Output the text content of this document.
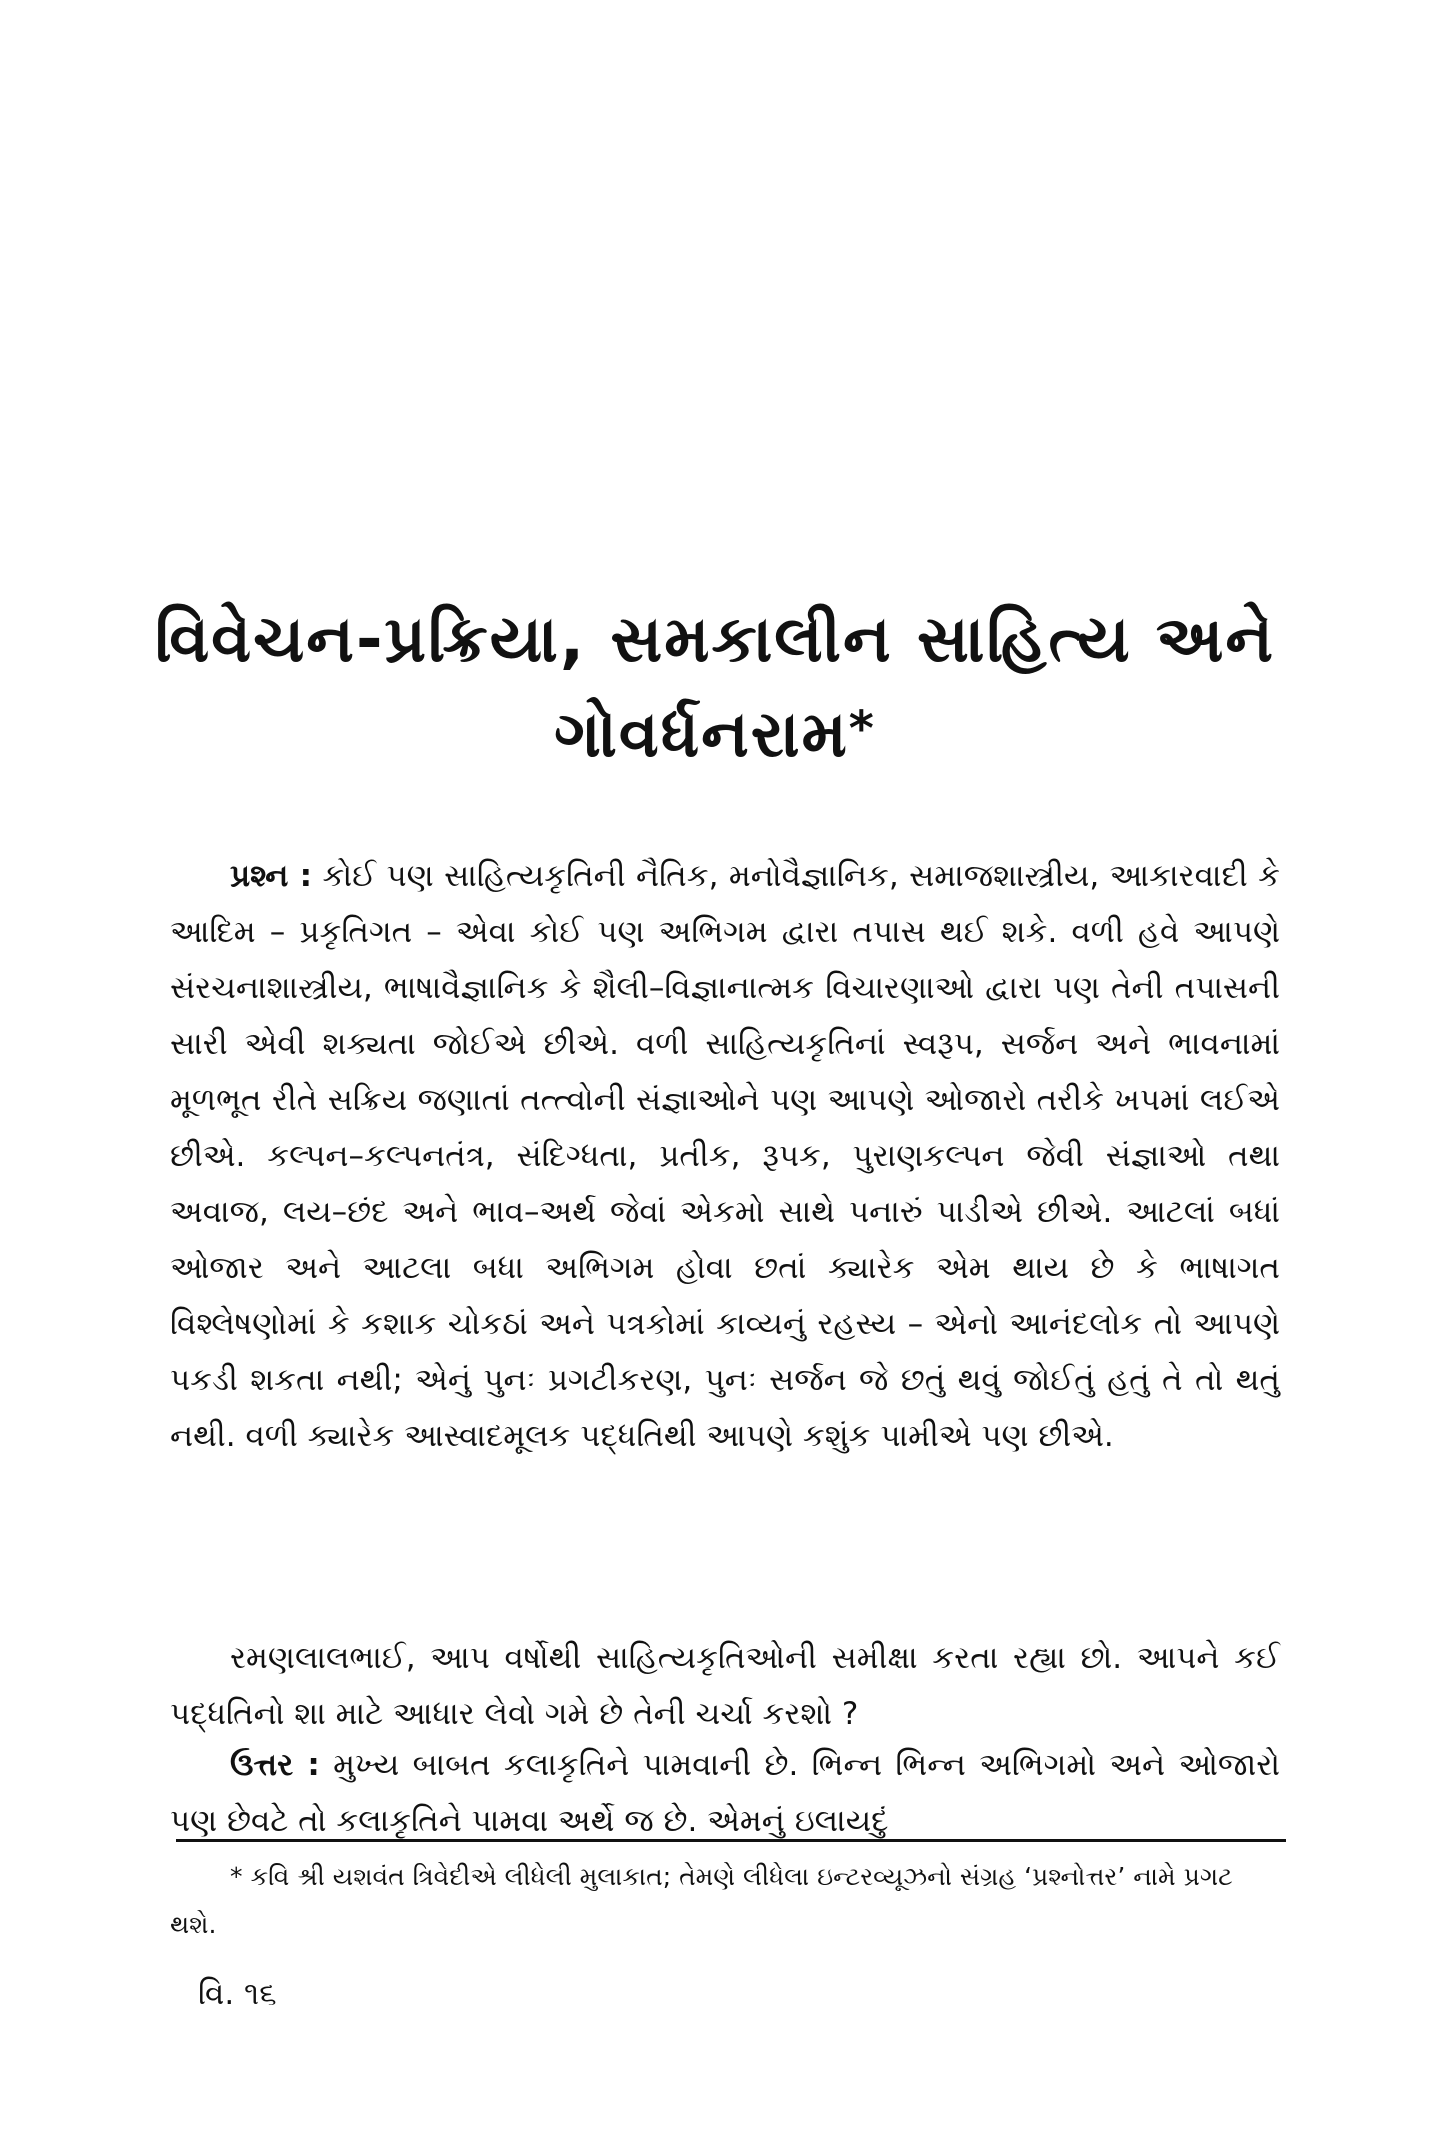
વિવેચન-પ્રક્રિયા, સમકાલીન સાહિત્ય અને
ગોવર્ધનરામ*

પ્રશ્ન : કોઈ પણ સાહિત્યકૃતિની નૈતિક, મનોવૈજ્ઞાનિક, સમાજશાસ્ત્રીય, આકારવાદી કે આદિમ – પ્રકૃતિગત – એવા કોઈ પણ અભિગમ દ્વારા તપાસ થઈ શકે. વળી હવે આપણે સંરચનાશાસ્ત્રીય, ભાષાવૈજ્ઞાનિક કે શૈલી–વિજ્ઞાનાત્મક વિચારણાઓ દ્વારા પણ તેની તપાસની સારી એવી શક્યતા જોઈએ છીએ. વળી સાહિત્યકૃતિનાં સ્વરૂપ, સર્જન અને ભાવનામાં મૂળભૂત રીતે સક્રિય જણાતાં તત્ત્વોની સંજ્ઞાઓને પણ આપણે ઓજારો તરીકે ખપમાં લઈએ છીએ. કલ્પન–કલ્પનતંત્ર, સંદિગ્ધતા, પ્રતીક, રૂપક, પુરાણકલ્પન જેવી સંજ્ઞાઓ તથા અવાજ, લય–છંદ અને ભાવ–અર્થ જેવાં એકમો સાથે પનારું પાડીએ છીએ. આટલાં બધાં ઓજાર અને આટલા બધા અભિગમ હોવા છતાં ક્યારેક એમ થાય છે કે ભાષાગત વિશ્લેષણોમાં કે કશાક ચોકઠાં અને પત્રકોમાં કાવ્યનું રહસ્ય – એનો આનંદલોક તો આપણે પકડી શકતા નથી; એનું પુનઃ પ્રગટીકરણ, પુનઃ સર્જન જે છતું થવું જોઈતું હતું તે તો થતું નથી. વળી ક્યારેક આસ્વાદમૂલક પદ્ધતિથી આપણે કશુંક પામીએ પણ છીએ.

રમણલાલભાઈ, આપ વર્ષોથી સાહિત્યકૃતિઓની સમીક્ષા કરતા રહ્યા છો. આપને કઈ પદ્ધતિનો શા માટે આધાર લેવો ગમે છે તેની ચર્ચા કરશો ?

ઉત્તર : મુખ્ય બાબત કલાકૃતિને પામવાની છે. ભિન્ન ભિન્ન અભિગમો અને ઓજારો પણ છેવટે તો કલાકૃતિને પામવા અર્થે જ છે. એમનું ઇલાયદું

* કવિ શ્રી યશવંત ત્રિવેદીએ લીધેલી મુલાકાત; તેમણે લીધેલા ઇન્ટરવ્યૂઝનો સંગ્રહ ‘પ્રશ્નોત્તર’ નામે પ્રગટ થશે.

વિ. ૧૬
